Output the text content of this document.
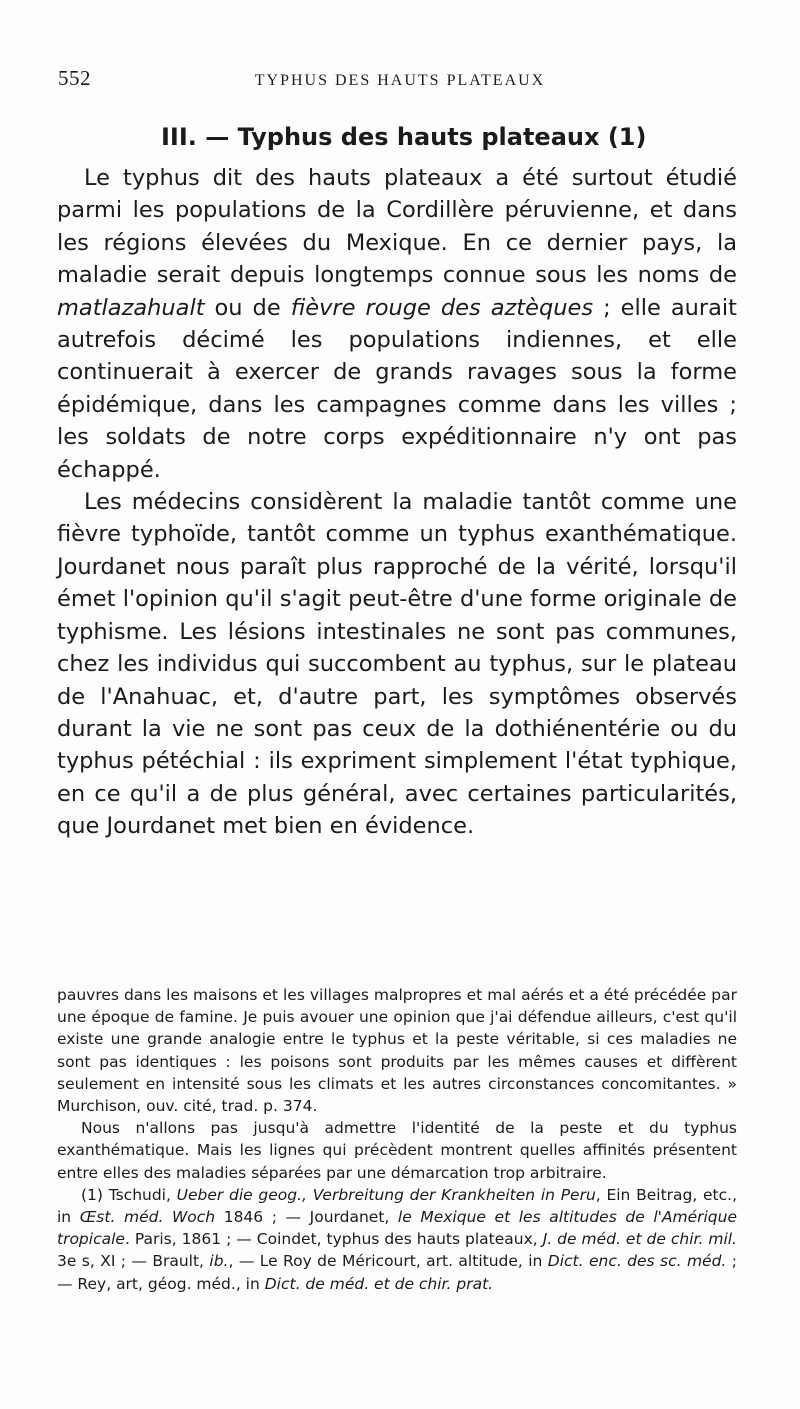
552	TYPHUS DES HAUTS PLATEAUX
III. — Typhus des hauts plateaux (1)

Le typhus dit des hauts plateaux a été surtout étudié parmi les populations de la Cordillère péruvienne, et dans les régions élevées du Mexique. En ce dernier pays, la maladie serait depuis longtemps connue sous les noms de matlazahualt ou de fièvre rouge des aztèques ; elle aurait autrefois décimé les populations indiennes, et elle continuerait à exercer de grands ravages sous la forme épidémique, dans les campagnes comme dans les villes ; les soldats de notre corps expéditionnaire n'y ont pas échappé.

Les médecins considèrent la maladie tantôt comme une fièvre typhoïde, tantôt comme un typhus exanthématique. Jourdanet nous paraît plus rapproché de la vérité, lorsqu'il émet l'opinion qu'il s'agit peut-être d'une forme originale de typhisme. Les lésions intestinales ne sont pas communes, chez les individus qui succombent au typhus, sur le plateau de l'Anahuac, et, d'autre part, les symptômes observés durant la vie ne sont pas ceux de la dothiénentérie ou du typhus pétéchial : ils expriment simplement l'état typhique, en ce qu'il a de plus général, avec certaines particularités, que Jourdanet met bien en évidence.

pauvres dans les maisons et les villages malpropres et mal aérés et a été précédée par une époque de famine. Je puis avouer une opinion que j'ai défendue ailleurs, c'est qu'il existe une grande analogie entre le typhus et la peste véritable, si ces maladies ne sont pas identiques : les poisons sont produits par les mêmes causes et diffèrent seulement en intensité sous les climats et les autres circonstances concomitantes. » Murchison, ouv. cité, trad. p. 374.

Nous n'allons pas jusqu'à admettre l'identité de la peste et du typhus exanthématique. Mais les lignes qui précèdent montrent quelles affinités présentent entre elles des maladies séparées par une démarcation trop arbitraire.

(1) Tschudi, Ueber die geog., Verbreitung der Krankheiten in Peru, Ein Beitrag, etc., in Œst. méd. Woch 1846 ; — Jourdanet, le Mexique et les altitudes de l'Amérique tropicale. Paris, 1861 ; — Coindet, typhus des hauts plateaux, J. de méd. et de chir. mil. 3e s, XI ; — Brault, ib., — Le Roy de Méricourt, art. altitude, in Dict. enc. des sc. méd. ; — Rey, art, géog. méd., in Dict. de méd. et de chir. prat.
